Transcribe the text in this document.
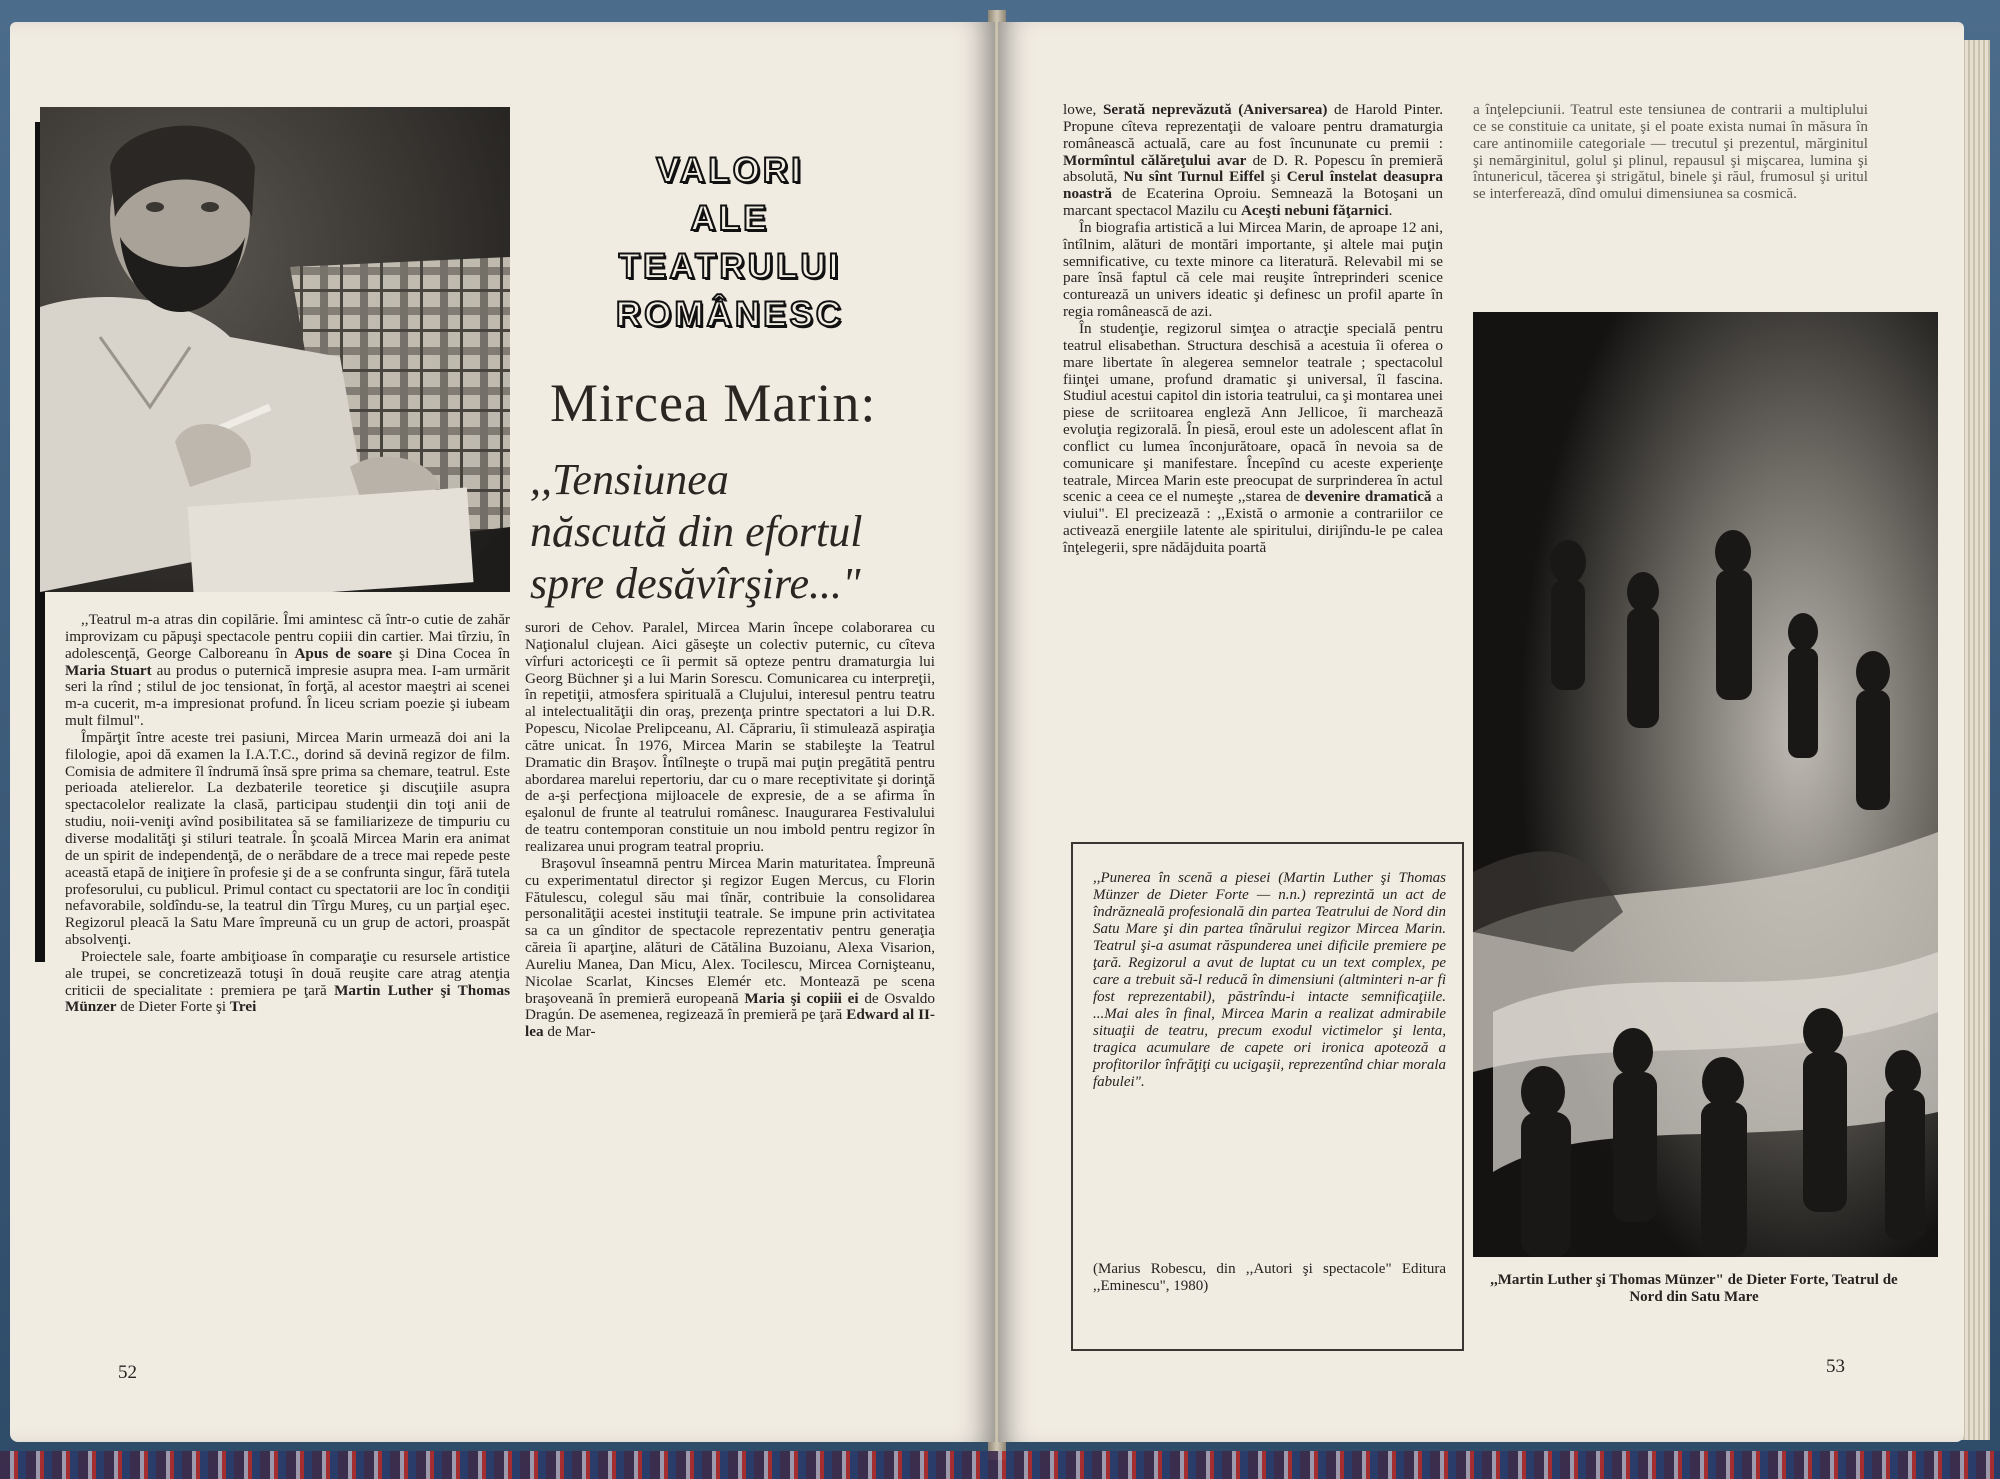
VALORI
ALE
TEATRULUI
ROMÂNESC
Mircea Marin:
,,Tensiunea
născută din efortul
spre desăvîrşire..."

,,Teatrul m-a atras din copilărie. Îmi amintesc că într-o cutie de zahăr improvizam cu păpuşi spectacole pentru copiii din cartier. Mai tîrziu, în adolescenţă, George Calboreanu în Apus de soare şi Dina Cocea în Maria Stuart au produs o puternică impresie asupra mea. I-am urmărit seri la rînd ; stilul de joc tensionat, în forţă, al acestor maeştri ai scenei m-a cucerit, m-a impresionat profund. În liceu scriam poezie şi iubeam mult filmul".

Împărţit între aceste trei pasiuni, Mircea Marin urmează doi ani la filologie, apoi dă examen la I.A.T.C., dorind să devină regizor de film. Comisia de admitere îl îndrumă însă spre prima sa chemare, teatrul. Este perioada atelierelor. La dezbaterile teoretice şi discuţiile asupra spectacolelor realizate la clasă, participau studenţii din toţi anii de studiu, noii-veniţi avînd posibilitatea să se familiarizeze de timpuriu cu diverse modalităţi şi stiluri teatrale. În şcoală Mircea Marin era animat de un spirit de independenţă, de o nerăbdare de a trece mai repede peste această etapă de iniţiere în profesie şi de a se confrunta singur, fără tutela profesorului, cu publicul. Primul contact cu spectatorii are loc în condiţii nefavorabile, soldîndu-se, la teatrul din Tîrgu Mureş, cu un parţial eşec. Regizorul pleacă la Satu Mare împreună cu un grup de actori, proaspăt absolvenţi.

Proiectele sale, foarte ambiţioase în comparaţie cu resursele artistice ale trupei, se concretizează totuşi în două reuşite care atrag atenţia criticii de specialitate : premiera pe ţară Martin Luther şi Thomas Münzer de Dieter Forte şi Trei

surori de Cehov. Paralel, Mircea Marin începe colaborarea cu Naţionalul clujean. Aici găseşte un colectiv puternic, cu cîteva vîrfuri actoriceşti ce îi permit să opteze pentru dramaturgia lui Georg Büchner şi a lui Marin Sorescu. Comunicarea cu interpreţii, în repetiţii, atmosfera spirituală a Clujului, interesul pentru teatru al intelectualităţii din oraş, prezenţa printre spectatori a lui D.R. Popescu, Nicolae Prelipceanu, Al. Căprariu, îi stimulează aspiraţia către unicat. În 1976, Mircea Marin se stabileşte la Teatrul Dramatic din Braşov. Întîlneşte o trupă mai puţin pregătită pentru abordarea marelui repertoriu, dar cu o mare receptivitate şi dorinţă de a-şi perfecţiona mijloacele de expresie, de a se afirma în eşalonul de frunte al teatrului românesc. Inaugurarea Festivalului de teatru contemporan constituie un nou imbold pentru regizor în realizarea unui program teatral propriu.

Braşovul înseamnă pentru Mircea Marin maturitatea. Împreună cu experimentatul director şi regizor Eugen Mercus, cu Florin Fătulescu, colegul său mai tînăr, contribuie la consolidarea personalităţii acestei instituţii teatrale. Se impune prin activitatea sa ca un gînditor de spectacole reprezentativ pentru generaţia căreia îi aparţine, alături de Cătălina Buzoianu, Alexa Visarion, Aureliu Manea, Dan Micu, Alex. Tocilescu, Mircea Cornişteanu, Nicolae Scarlat, Kincses Elemér etc. Montează pe scena braşoveană în premieră europeană Maria şi copiii ei de Osvaldo Dragún. De asemenea, regizează în premieră pe ţară Edward al II-lea de Mar-

52

lowe, Serată neprevăzută (Aniversarea) de Harold Pinter. Propune cîteva reprezentaţii de valoare pentru dramaturgia românească actuală, care au fost încununate cu premii : Mormîntul călăreţului avar de D. R. Popescu în premieră absolută, Nu sînt Turnul Eiffel şi Cerul înstelat deasupra noastră de Ecaterina Oproiu. Semnează la Botoşani un marcant spectacol Mazilu cu Aceşti nebuni făţarnici.

În biografia artistică a lui Mircea Marin, de aproape 12 ani, întîlnim, alături de montări importante, şi altele mai puţin semnificative, cu texte minore ca literatură. Relevabil mi se pare însă faptul că cele mai reuşite întreprinderi scenice conturează un univers ideatic şi definesc un profil aparte în regia românească de azi.

În studenţie, regizorul simţea o atracţie specială pentru teatrul elisabethan. Structura deschisă a acestuia îi oferea o mare libertate în alegerea semnelor teatrale ; spectacolul fiinţei umane, profund dramatic şi universal, îl fascina. Studiul acestui capitol din istoria teatrului, ca şi montarea unei piese de scriitoarea engleză Ann Jellicoe, îi marchează evoluţia regizorală. În piesă, eroul este un adolescent aflat în conflict cu lumea înconjurătoare, opacă în nevoia sa de comunicare şi manifestare. Începînd cu aceste experienţe teatrale, Mircea Marin este preocupat de surprinderea în actul scenic a ceea ce el numeşte ,,starea de devenire dramatică a viului". El precizează : ,,Există o armonie a contrariilor ce activează energiile latente ale spiritului, dirijîndu-le pe calea înţelegerii, spre nădăjduita poartă

a înţelepciunii. Teatrul este tensiunea de contrarii a multiplului ce se constituie ca unitate, şi el poate exista numai în măsura în care antinomiile categoriale — trecutul şi prezentul, mărginitul şi nemărginitul, golul şi plinul, repausul şi mişcarea, lumina şi întunericul, tăcerea şi strigătul, binele şi răul, frumosul şi uritul se interferează, dînd omului dimensiunea sa cosmică.

,,Punerea în scenă a piesei (Martin Luther şi Thomas Münzer de Dieter Forte — n.n.) reprezintă un act de îndrăzneală profesională din partea Teatrului de Nord din Satu Mare şi din partea tînărului regizor Mircea Marin. Teatrul şi-a asumat răspunderea unei dificile premiere pe ţară. Regizorul a avut de luptat cu un text complex, pe care a trebuit să-l reducă în dimensiuni (altminteri n-ar fi fost reprezentabil), păstrîndu-i intacte semnificaţiile. ...Mai ales în final, Mircea Marin a realizat admirabile situaţii de teatru, precum exodul victimelor şi lenta, tragica acumulare de capete ori ironica apoteoză a profitorilor înfrăţiţi cu ucigaşii, reprezentînd chiar morala fabulei".
(Marius Robescu, din ,,Autori şi spectacole" Editura ,,Eminescu", 1980)	,,Martin Luther şi Thomas Münzer" de Dieter Forte, Teatrul de Nord din Satu Mare
53
